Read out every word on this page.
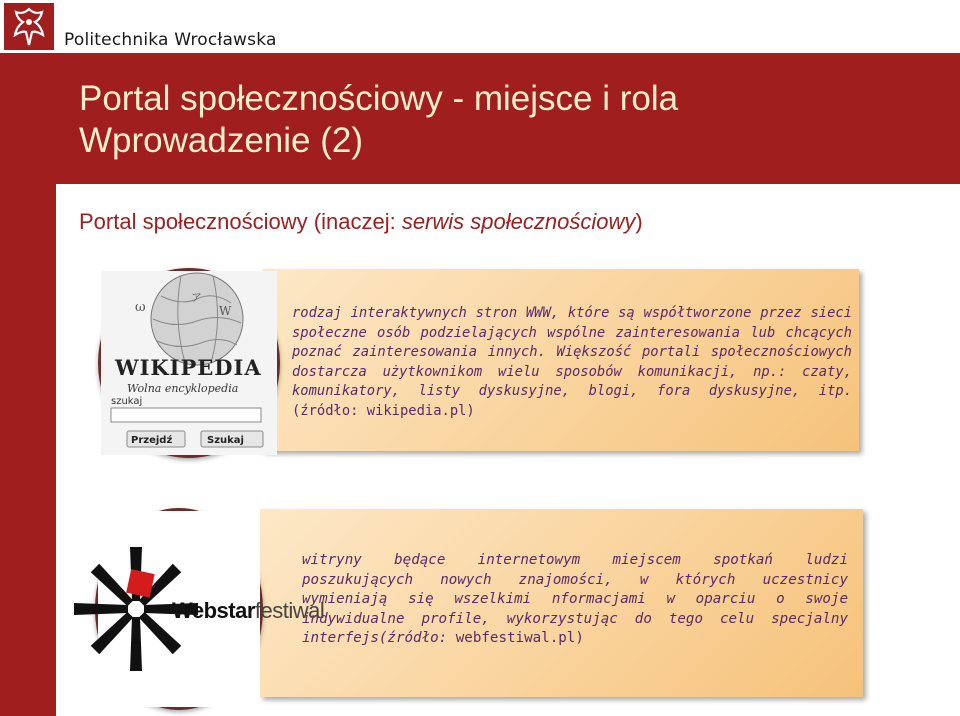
Politechnika Wrocławska
Portal społecznościowy - miejsce i rola
Wprowadzenie (2)

Portal społecznościowy (inaczej: serwis społecznościowy)

rodzaj interaktywnych stron WWW, które są współtworzone przez sieci społeczne osób podzielających wspólne zainteresowania lub chcących poznać zainteresowania innych. Większość portali społecznościowych dostarcza użytkownikom wielu sposobów komunikacji, np.: czaty, komunikatory, listy dyskusyjne, blogi, fora dyskusyjne, itp. (źródło: wikipedia.pl)
ω	W
ア
WIKIPEDIA
Wolna encyklopedia
szukaj
Przejdź	Szukaj
witryny będące internetowym miejscem spotkań ludzi poszukujących nowych znajomości, w których uczestnicy wymieniają się wszelkimi nformacjami w oparciu o swoje indywidualne profile, wykorzystując do tego celu specjalny interfejs(źródło: webfestiwal.pl)
Webstarfestiwal
